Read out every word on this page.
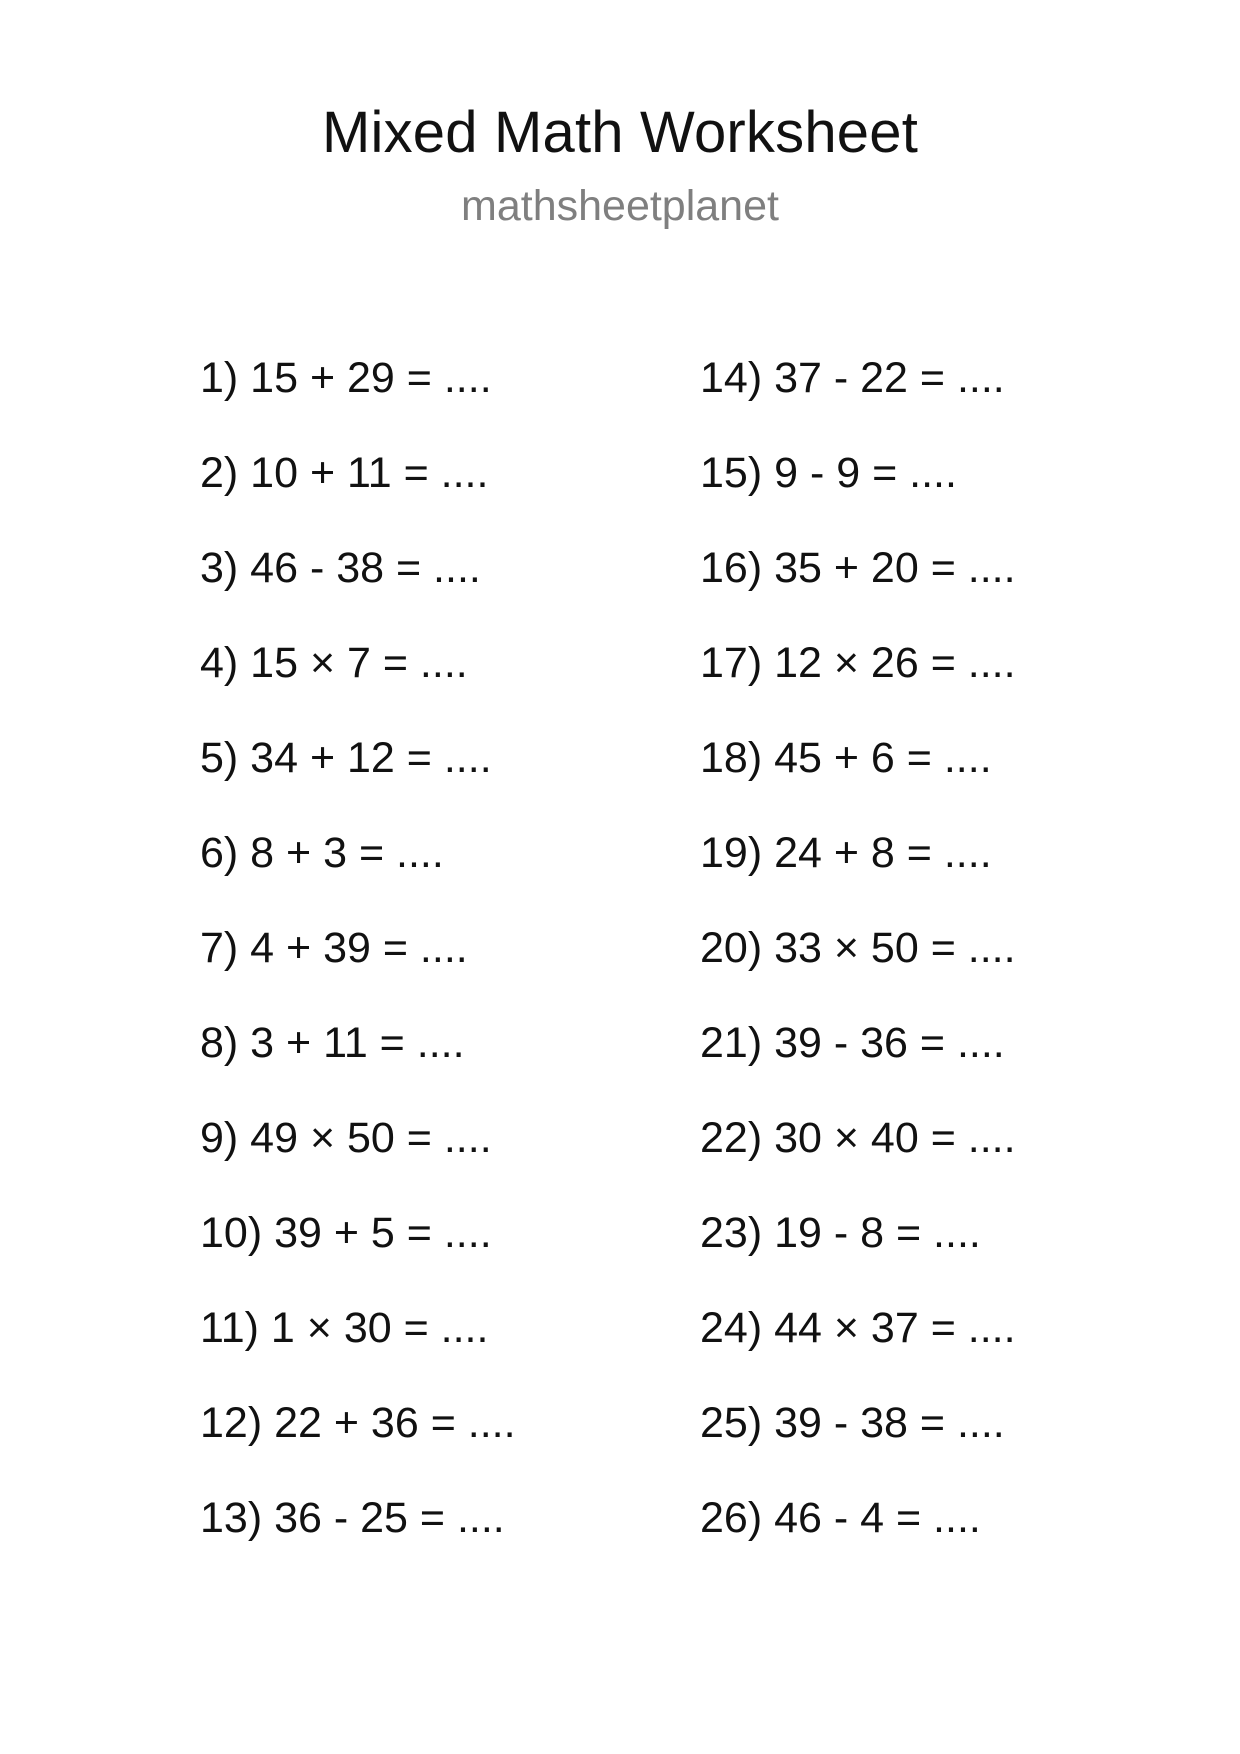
Mixed Math Worksheet
mathsheetplanet
1) 15 + 29 = ....
2) 10 + 11 = ....
3) 46 - 38 = ....
4) 15 × 7 = ....
5) 34 + 12 = ....
6) 8 + 3 = ....
7) 4 + 39 = ....
8) 3 + 11 = ....
9) 49 × 50 = ....
10) 39 + 5 = ....
11) 1 × 30 = ....
12) 22 + 36 = ....
13) 36 - 25 = ....
14) 37 - 22 = ....
15) 9 - 9 = ....
16) 35 + 20 = ....
17) 12 × 26 = ....
18) 45 + 6 = ....
19) 24 + 8 = ....
20) 33 × 50 = ....
21) 39 - 36 = ....
22) 30 × 40 = ....
23) 19 - 8 = ....
24) 44 × 37 = ....
25) 39 - 38 = ....
26) 46 - 4 = ....
